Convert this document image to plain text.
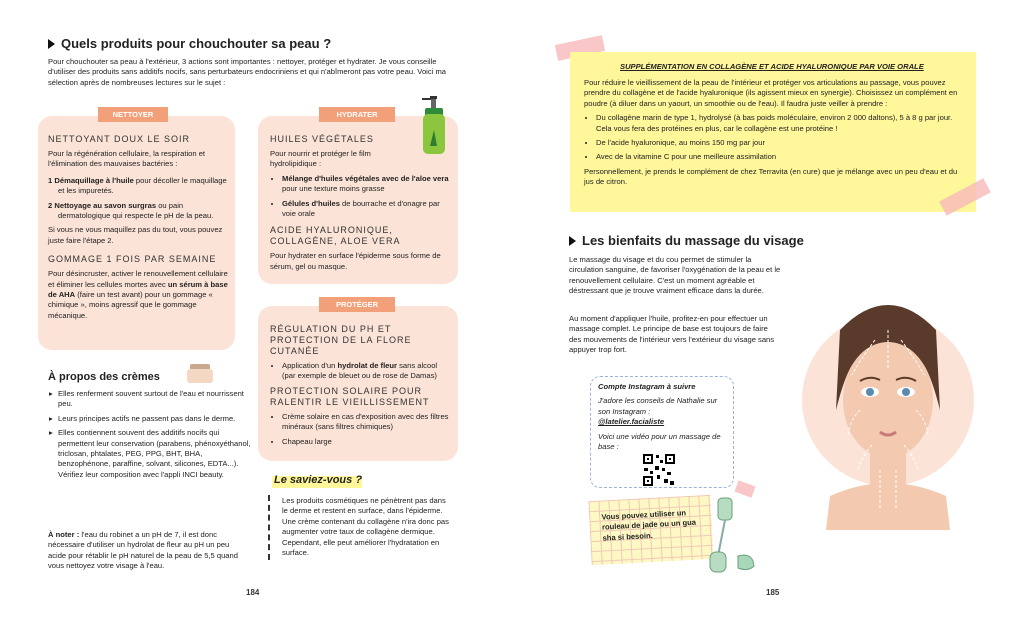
Quels produits pour chouchouter sa peau ?
Pour chouchouter sa peau à l'extérieur, 3 actions sont importantes : nettoyer, protéger et hydrater. Je vous conseille d'utiliser des produits sans additifs nocifs, sans perturbateurs endocriniens et qui n'abîmeront pas votre peau. Voici ma sélection après de nombreuses lectures sur le sujet :
NETTOYER
NETTOYANT DOUX LE SOIR
Pour la régénération cellulaire, la respiration et l'élimination des mauvaises bactéries :
1 Démaquillage à l'huile pour décoller le maquillage et les impuretés.
2 Nettoyage au savon surgras ou pain dermatologique qui respecte le pH de la peau.
Si vous ne vous maquillez pas du tout, vous pouvez juste faire l'étape 2.
GOMMAGE 1 FOIS PAR SEMAINE
Pour désincruster, activer le renouvellement cellulaire et éliminer les cellules mortes avec un sérum à base de AHA (faire un test avant) pour un gommage « chimique », moins agressif que le gommage mécanique.
HYDRATER
HUILES VÉGÉTALES
Pour nourrir et protéger le film hydrolipidique :
• Mélange d'huiles végétales avec de l'aloe vera pour une texture moins grasse
• Gélules d'huiles de bourrache et d'onagre par voie orale
ACIDE HYALURONIQUE, COLLAGÈNE, ALOE VERA
Pour hydrater en surface l'épiderme sous forme de sérum, gel ou masque.
PROTÉGER
RÉGULATION DU PH ET PROTECTION DE LA FLORE CUTANÉE
• Application d'un hydrolat de fleur sans alcool (par exemple de bleuet ou de rose de Damas)
PROTECTION SOLAIRE POUR RALENTIR LE VIEILLISSEMENT
• Crème solaire en cas d'exposition avec des filtres minéraux (sans filtres chimiques)
• Chapeau large
À propos des crèmes
▸ Elles renferment souvent surtout de l'eau et nourrissent peu.
▸ Leurs principes actifs ne passent pas dans le derme.
▸ Elles contiennent souvent des additifs nocifs qui permettent leur conservation (parabens, phénoxyéthanol, triclosan, phtalates, PEG, PPG, BHT, BHA, benzophénone, paraffine, solvant, silicones, EDTA...). Vérifiez leur composition avec l'appli INCI beauty.
À noter : l'eau du robinet a un pH de 7, il est donc nécessaire d'utiliser un hydrolat de fleur au pH un peu acide pour rétablir le pH naturel de la peau de 5,5 quand vous nettoyez votre visage à l'eau.
Le saviez-vous ?
Les produits cosmétiques ne pénètrent pas dans le derme et restent en surface, dans l'épiderme. Une crème contenant du collagène n'ira donc pas augmenter votre taux de collagène dermique. Cependant, elle peut améliorer l'hydratation en surface.
184
SUPPLÉMENTATION EN COLLAGÈNE ET ACIDE HYALURONIQUE PAR VOIE ORALE
Pour réduire le vieillissement de la peau de l'intérieur et protéger vos articulations au passage, vous pouvez prendre du collagène et de l'acide hyaluronique (ils agissent mieux en synergie). Choisissez un complément en poudre (à diluer dans un yaourt, un smoothie ou de l'eau). Il faudra juste veiller à prendre :
• Du collagène marin de type 1, hydrolysé (à bas poids moléculaire, environ 2 000 daltons), 5 à 8 g par jour. Cela vous fera des protéines en plus, car le collagène est une protéine !
• De l'acide hyaluronique, au moins 150 mg par jour
• Avec de la vitamine C pour une meilleure assimilation
Personnellement, je prends le complément de chez Terravita (en cure) que je mélange avec un peu d'eau et du jus de citron.
Les bienfaits du massage du visage
Le massage du visage et du cou permet de stimuler la circulation sanguine, de favoriser l'oxygénation de la peau et le renouvellement cellulaire. C'est un moment agréable et déstressant que je trouve vraiment efficace dans la durée.
Au moment d'appliquer l'huile, profitez-en pour effectuer un massage complet. Le principe de base est toujours de faire des mouvements de l'intérieur vers l'extérieur du visage sans appuyer trop fort.
Compte Instagram à suivre
J'adore les conseils de Nathalie sur son Instagram :
@latelier.facialiste
Voici une vidéo pour un massage de base :
Vous pouvez utiliser un rouleau de jade ou un gua sha si besoin.
185
